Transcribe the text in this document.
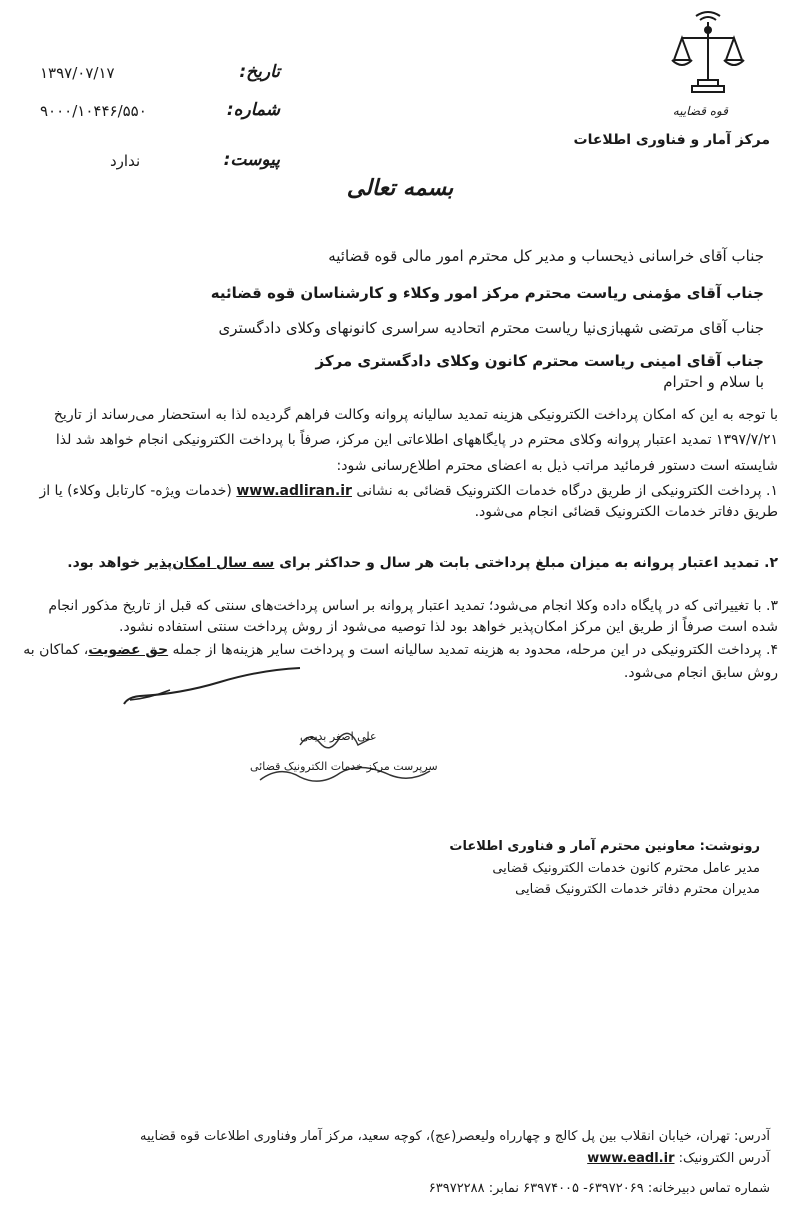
قوه قضاییه
مرکز آمار و فناوری اطلاعات
تاریخ:
۱۳۹۷/۰۷/۱۷
شماره:
۹۰۰۰/۱۰۴۴۶/۵۵۰
پیوست:
ندارد
بسمه تعالی
جناب آقای خراسانی ذیحساب و مدیر کل محترم امور مالی قوه قضائیه
جناب آقای مؤمنی ریاست محترم مرکز امور وکلاء و کارشناسان قوه قضائیه
جناب آقای مرتضی شهبازی‌نیا ریاست محترم اتحادیه سراسری کانونهای وکلای دادگستری
جناب آقای امینی ریاست محترم کانون وکلای دادگستری مرکز
با سلام و احترام
با توجه به این که امکان پرداخت الکترونیکی هزینه تمدید سالیانه پروانه وکالت فراهم گردیده لذا به استحضار می‌رساند از تاریخ
۱۳۹۷/۷/۲۱ تمدید اعتبار پروانه وکلای محترم در پایگاههای اطلاعاتی این مرکز، صرفاً با پرداخت الکترونیکی انجام خواهد شد لذا
شایسته است دستور فرمائید مراتب ذیل به اعضای محترم اطلاع‌رسانی شود:
۱. پرداخت الکترونیکی از طریق درگاه خدمات الکترونیک قضائی به نشانی www.adliran.ir (خدمات ویژه- کارتابل وکلاء) یا از
طریق دفاتر خدمات الکترونیک قضائی انجام می‌شود.
۲. تمدید اعتبار پروانه به میزان مبلغ پرداختی بابت هر سال و حداکثر برای سه سال امکان‌پذیر خواهد بود.
۳. با تغییراتی که در پایگاه داده وکلا انجام می‌شود؛ تمدید اعتبار پروانه بر اساس پرداخت‌های سنتی که قبل از تاریخ مذکور انجام
شده است صرفاً از طریق این مرکز امکان‌پذیر خواهد بود لذا توصیه می‌شود از روش پرداخت سنتی استفاده نشود.
۴. پرداخت الکترونیکی در این مرحله، محدود به هزینه تمدید سالیانه است و پرداخت سایر هزینه‌ها از جمله حق عضویت، کماکان به
روش سابق انجام می‌شود.
علی اصغر بدیعی
سرپرست مرکز خدمات الکترونیک قضائی
رونوشت: معاونین محترم آمار و فناوری اطلاعات
مدیر عامل محترم کانون خدمات الکترونیک قضایی
مدیران محترم دفاتر خدمات الکترونیک قضایی
آدرس: تهران، خیابان انقلاب بین پل کالج و چهارراه ولیعصر(عج)، کوچه سعید، مرکز آمار وفناوری اطلاعات قوه قضاییه
آدرس الکترونیک: www.eadl.ir
شماره تماس دبیرخانه: ۶۳۹۷۲۰۶۹- ۶۳۹۷۴۰۰۵ نمابر: ۶۳۹۷۲۲۸۸
